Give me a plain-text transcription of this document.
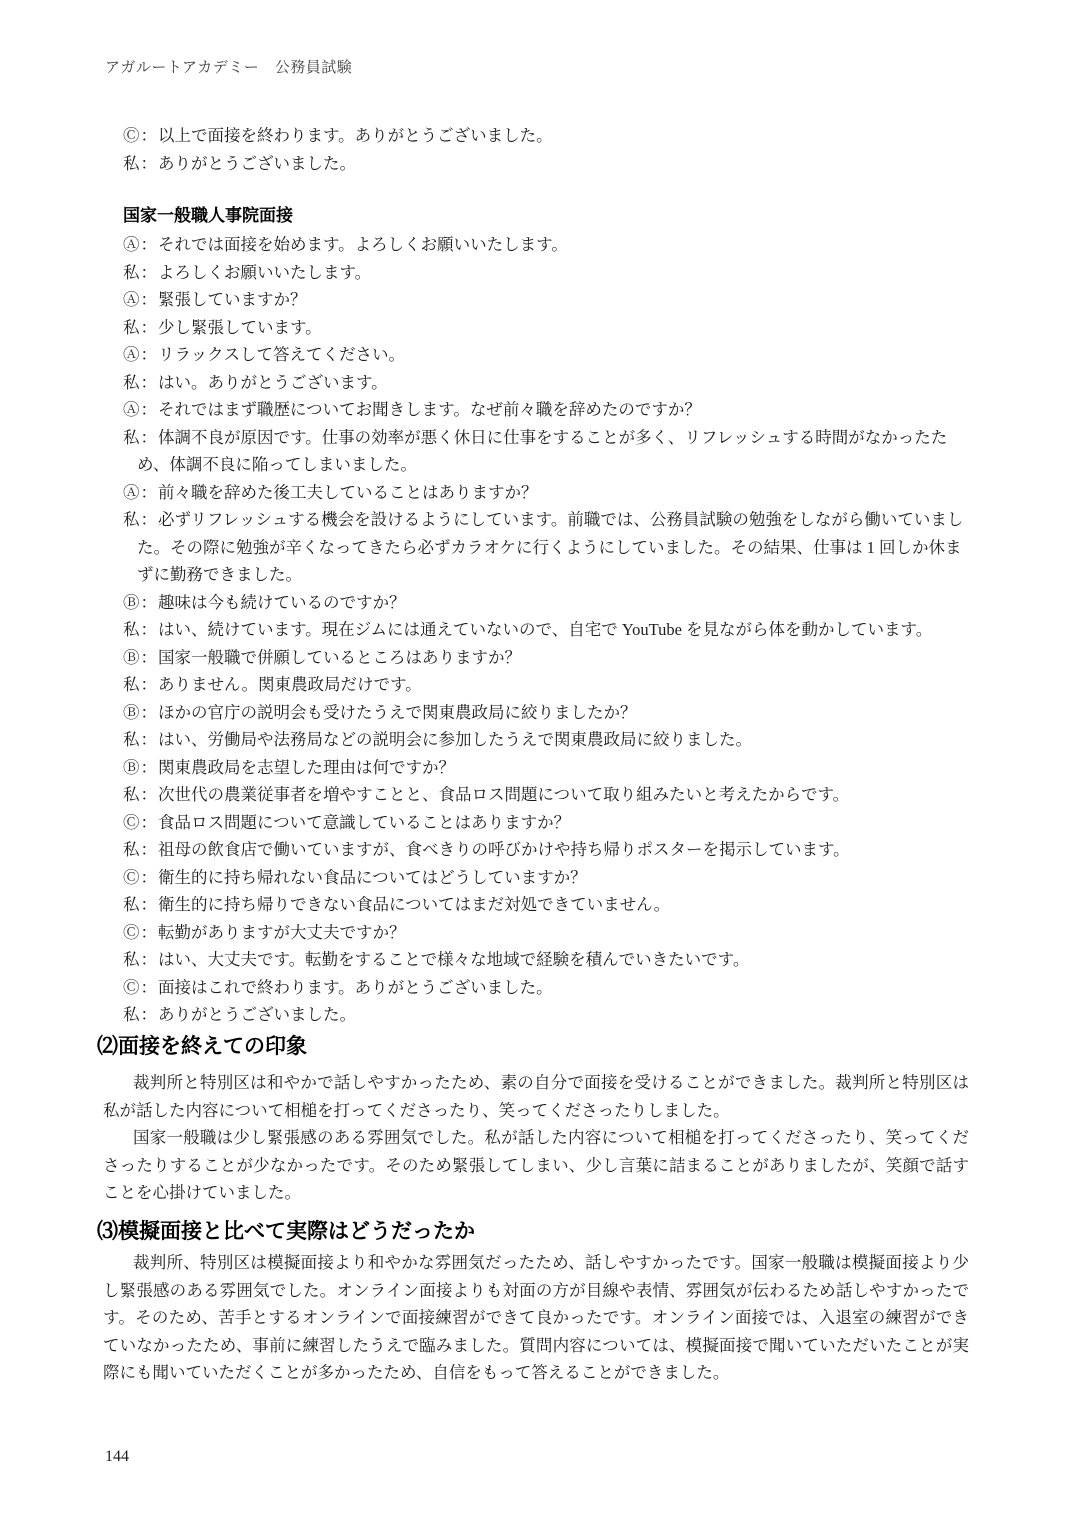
アガルートアカデミー　公務員試験

Ⓒ：以上で面接を終わります。ありがとうございました。

私：ありがとうございました。

国家一般職人事院面接

Ⓐ：それでは面接を始めます。よろしくお願いいたします。

私：よろしくお願いいたします。

Ⓐ：緊張していますか？

私：少し緊張しています。

Ⓐ：リラックスして答えてください。

私：はい。ありがとうございます。

Ⓐ：それではまず職歴についてお聞きします。なぜ前々職を辞めたのですか？

私：体調不良が原因です。仕事の効率が悪く休日に仕事をすることが多く、リフレッシュする時間がなかったため、体調不良に陥ってしまいました。

Ⓐ：前々職を辞めた後工夫していることはありますか？

私：必ずリフレッシュする機会を設けるようにしています。前職では、公務員試験の勉強をしながら働いていました。その際に勉強が辛くなってきたら必ずカラオケに行くようにしていました。その結果、仕事は 1 回しか休まずに勤務できました。

Ⓑ：趣味は今も続けているのですか？

私：はい、続けています。現在ジムには通えていないので、自宅で YouTube を見ながら体を動かしています。

Ⓑ：国家一般職で併願しているところはありますか？

私：ありません。関東農政局だけです。

Ⓑ：ほかの官庁の説明会も受けたうえで関東農政局に絞りましたか？

私：はい、労働局や法務局などの説明会に参加したうえで関東農政局に絞りました。

Ⓑ：関東農政局を志望した理由は何ですか？

私：次世代の農業従事者を増やすことと、食品ロス問題について取り組みたいと考えたからです。

Ⓒ：食品ロス問題について意識していることはありますか？

私：祖母の飲食店で働いていますが、食べきりの呼びかけや持ち帰りポスターを掲示しています。

Ⓒ：衛生的に持ち帰れない食品についてはどうしていますか？

私：衛生的に持ち帰りできない食品についてはまだ対処できていません。

Ⓒ：転勤がありますが大丈夫ですか？

私：はい、大丈夫です。転勤をすることで様々な地域で経験を積んでいきたいです。

Ⓒ：面接はこれで終わります。ありがとうございました。

私：ありがとうございました。

⑵面接を終えての印象

裁判所と特別区は和やかで話しやすかったため、素の自分で面接を受けることができました。裁判所と特別区は私が話した内容について相槌を打ってくださったり、笑ってくださったりしました。

国家一般職は少し緊張感のある雰囲気でした。私が話した内容について相槌を打ってくださったり、笑ってくださったりすることが少なかったです。そのため緊張してしまい、少し言葉に詰まることがありましたが、笑顔で話すことを心掛けていました。

⑶模擬面接と比べて実際はどうだったか

裁判所、特別区は模擬面接より和やかな雰囲気だったため、話しやすかったです。国家一般職は模擬面接より少し緊張感のある雰囲気でした。オンライン面接よりも対面の方が目線や表情、雰囲気が伝わるため話しやすかったです。そのため、苦手とするオンラインで面接練習ができて良かったです。オンライン面接では、入退室の練習ができていなかったため、事前に練習したうえで臨みました。質問内容については、模擬面接で聞いていただいたことが実際にも聞いていただくことが多かったため、自信をもって答えることができました。

144
